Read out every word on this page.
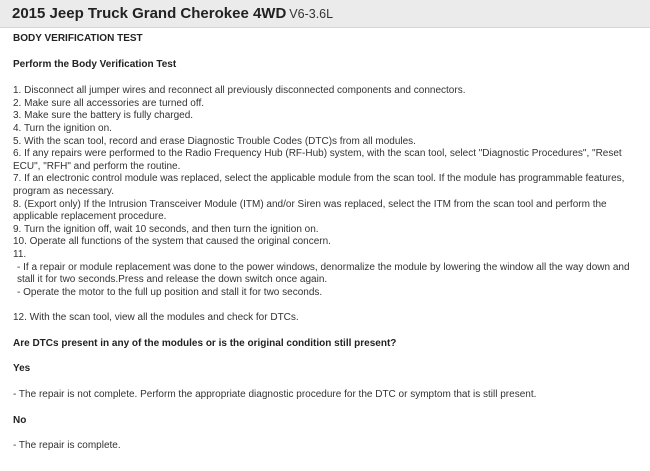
2015 Jeep Truck Grand Cherokee 4WD V6-3.6L
BODY VERIFICATION TEST
Perform the Body Verification Test
1. Disconnect all jumper wires and reconnect all previously disconnected components and connectors.
2. Make sure all accessories are turned off.
3. Make sure the battery is fully charged.
4. Turn the ignition on.
5. With the scan tool, record and erase Diagnostic Trouble Codes (DTC)s from all modules.
6. If any repairs were performed to the Radio Frequency Hub (RF-Hub) system, with the scan tool, select "Diagnostic Procedures", "Reset ECU", "RFH" and perform the routine.
7. If an electronic control module was replaced, select the applicable module from the scan tool. If the module has programmable features, program as necessary.
8. (Export only) If the Intrusion Transceiver Module (ITM) and/or Siren was replaced, select the ITM from the scan tool and perform the applicable replacement procedure.
9. Turn the ignition off, wait 10 seconds, and then turn the ignition on.
10. Operate all functions of the system that caused the original concern.
11.
- If a repair or module replacement was done to the power windows, denormalize the module by lowering the window all the way down and stall it for two seconds.Press and release the down switch once again.
- Operate the motor to the full up position and stall it for two seconds.
12. With the scan tool, view all the modules and check for DTCs.
Are DTCs present in any of the modules or is the original condition still present?
Yes
- The repair is not complete. Perform the appropriate diagnostic procedure for the DTC or symptom that is still present.
No
- The repair is complete.
